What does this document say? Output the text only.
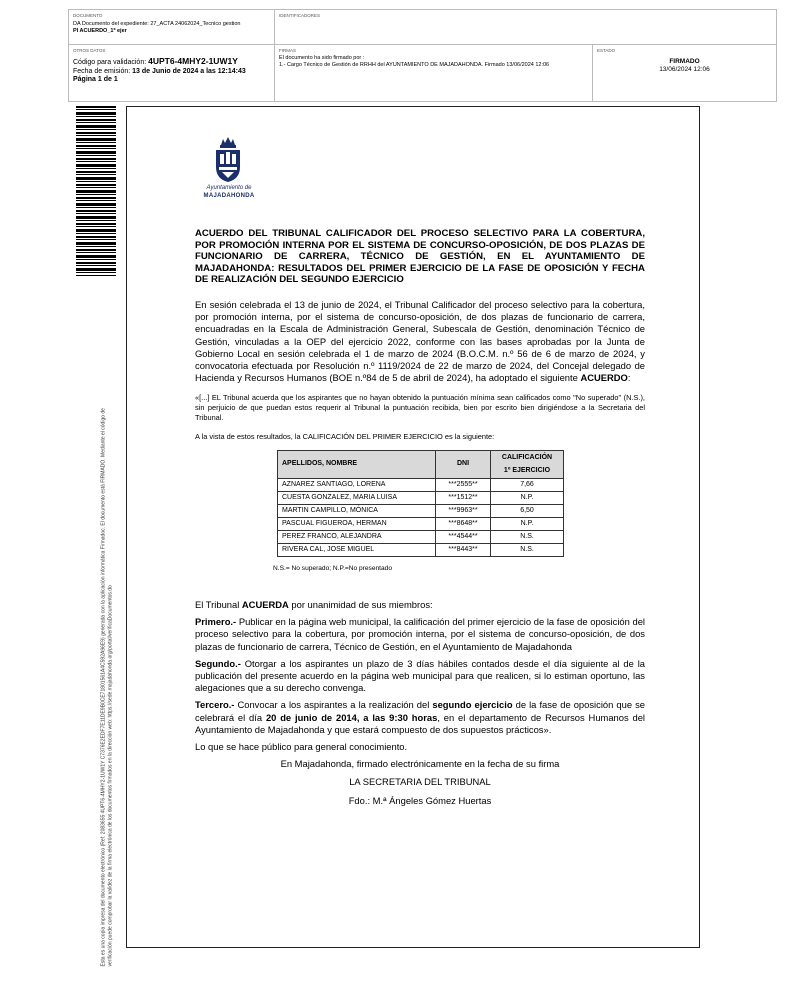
DOCUMENTO
DA Documento del expediente: 27_ACTA 24062024_Tecnico gestion
PI ACUERDO_1º ejer
IDENTIFICADORES
OTROS DATOS
Código para validación: 4UPT6-4MHY2-1UW1Y
Fecha de emisión: 13 de Junio de 2024 a las 12:14:43
Página 1 de 1
FIRMAS
El documento ha sido firmado por :
1.- Cargo Técnico de Gestión de RRHH del AYUNTAMIENTO DE MAJADAHONDA. Firmado 13/06/2024 12:06
ESTADO
FIRMADO
13/06/2024 12:06
Esta es una copia impresa del documento electrónico (Ref: 2083655 4UPT6-4MHY2-1UW1Y C7376E2EDF7E11DE9B0CE71801561A4C592A96E9) generada con la aplicación informática Firmadoc. El documento está FIRMADO. Mediante el código de verificación puede comprobar la validez de la firma electrónica de los documentos firmados en la dirección web: https://sede.majadahonda.org/portal/verificaDocumentos.do
Ayuntamiento de
MAJADAHONDA

ACUERDO DEL TRIBUNAL CALIFICADOR DEL PROCESO SELECTIVO PARA LA COBERTURA, POR PROMOCIÓN INTERNA POR EL SISTEMA DE CONCURSO-OPOSICIÓN, DE DOS PLAZAS DE FUNCIONARIO DE CARRERA, TÉCNICO DE GESTIÓN, EN EL AYUNTAMIENTO DE MAJADAHONDA: RESULTADOS DEL PRIMER EJERCICIO DE LA FASE DE OPOSICIÓN Y FECHA DE REALIZACIÓN DEL SEGUNDO EJERCICIO

En sesión celebrada el 13 de junio de 2024, el Tribunal Calificador del proceso selectivo para la cobertura, por promoción interna, por el sistema de concurso-oposición, de dos plazas de funcionario de carrera, encuadradas en la Escala de Administración General, Subescala de Gestión, denominación Técnico de Gestión, vinculadas a la OEP del ejercicio 2022, conforme con las bases aprobadas por la Junta de Gobierno Local en sesión celebrada el 1 de marzo de 2024 (B.O.C.M. n.º 56 de 6 de marzo de 2024, y convocatoria efectuada por Resolución n.º 1119/2024 de 22 de marzo de 2024, del Concejal delegado de Hacienda y Recursos Humanos (BOE n.º84 de 5 de abril de 2024), ha adoptado el siguiente ACUERDO:

«[...] EL Tribunal acuerda que los aspirantes que no hayan obtenido la puntuación mínima sean calificados como "No superado" (N.S.), sin perjuicio de que puedan estos requerir al Tribunal la puntuación recibida, bien por escrito bien dirigiéndose a la Secretaria del Tribunal.

A la vista de estos resultados, la CALIFICACIÓN DEL PRIMER EJERCICIO es la siguiente:

APELLIDOS, NOMBRE	DNI	CALIFICACIÓN
1º EJERCICIO
AZNAREZ SANTIAGO, LORENA	***2555**	7,66
CUESTA GONZALEZ, MARIA LUISA	***1512**	N.P.
MARTIN CAMPILLO, MÓNICA	***9963**	6,50
PASCUAL FIGUEROA, HERMAN	***8648**	N.P.
PEREZ FRANCO, ALEJANDRA	***4544**	N.S.
RIVERA CAL, JOSE MIGUEL	***8443**	N.S.

N.S.= No superado; N.P.=No presentado

El Tribunal ACUERDA por unanimidad de sus miembros:

Primero.- Publicar en la página web municipal, la calificación del primer ejercicio de la fase de oposición del proceso selectivo para la cobertura, por promoción interna, por el sistema de concurso-oposición, de dos plazas de funcionario de carrera, Técnico de Gestión, en el Ayuntamiento de Majadahonda

Segundo.- Otorgar a los aspirantes un plazo de 3 días hábiles contados desde el día siguiente al de la publicación del presente acuerdo en la página web municipal para que realicen, si lo estiman oportuno, las alegaciones que a su derecho convenga.

Tercero.- Convocar a los aspirantes a la realización del segundo ejercicio de la fase de oposición que se celebrará el día 20 de junio de 2014, a las 9:30 horas, en el departamento de Recursos Humanos del Ayuntamiento de Majadahonda y que estará compuesto de dos supuestos prácticos».

Lo que se hace público para general conocimiento.

En Majadahonda, firmado electrónicamente en la fecha de su firma
LA SECRETARIA DEL TRIBUNAL
Fdo.: M.ª Ángeles Gómez Huertas
